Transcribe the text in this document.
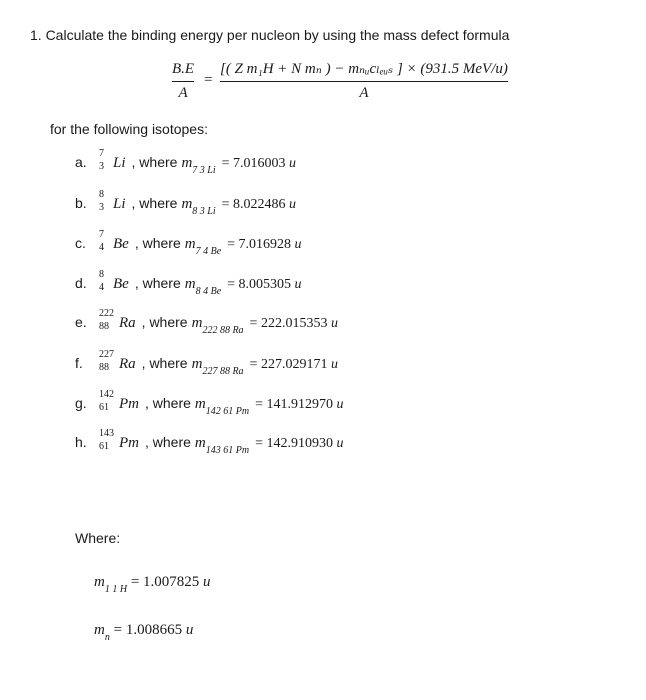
1. Calculate the binding energy per nucleon by using the mass defect formula
B.E
A
=
[( Z m₁H + N mₙ ) − mₙᵤcₗₑᵤₛ ] × (931.5 MeV/u)
A
for the following isotopes:
a.
7
3 Li , where $m_{7 3 Li} = 7.016003$ u
b.
8
3 Li , where $m_{8 3 Li} = 8.022486$ u
c.
7
4 Be , where $m_{7 4 Be} = 7.016928$ u
d.
8
4 Be , where $m_{8 4 Be} = 8.005305$ u
e.
222
88 Ra , where $m_{222 88 Ra} = 222.015353$ u
f.
227
88 Ra , where $m_{227 88 Ra} = 227.029171$ u
g.
142
61 Pm , where $m_{142 61 Pm} = 141.912970$ u
h.
143
61 Pm , where $m_{143 61 Pm} = 142.910930$ u
Where:
$m_{1 1 H} = 1.007825$ u
$m_n = 1.008665$ u
